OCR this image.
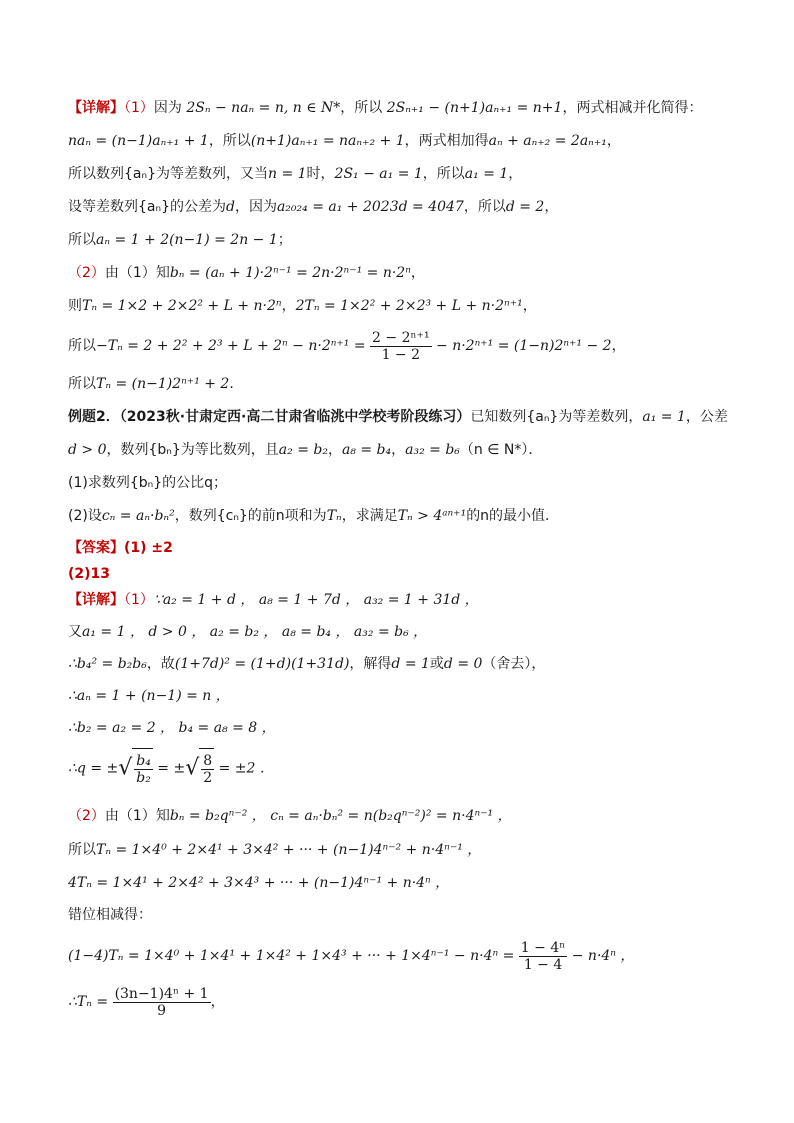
【详解】（1）因为 2Sₙ − naₙ = n, n ∈ N*，所以 2Sₙ₊₁ − (n+1)aₙ₊₁ = n+1，两式相减并化简得：
naₙ = (n−1)aₙ₊₁ + 1，所以(n+1)aₙ₊₁ = naₙ₊₂ + 1，两式相加得aₙ + aₙ₊₂ = 2aₙ₊₁，
所以数列{aₙ}为等差数列，又当n = 1时，2S₁ − a₁ = 1，所以a₁ = 1，
设等差数列{aₙ}的公差为d，因为a₂₀₂₄ = a₁ + 2023d = 4047，所以d = 2，
所以aₙ = 1 + 2(n−1) = 2n − 1；
（2）由（1）知bₙ = (aₙ + 1)·2ⁿ⁻¹ = 2n·2ⁿ⁻¹ = n·2ⁿ，
则Tₙ = 1×2 + 2×2² + L + n·2ⁿ，2Tₙ = 1×2² + 2×2³ + L + n·2ⁿ⁺¹，
所以$-T_n = 2 + 2^2 + 2^3 + L + 2^n - n\cdot 2^{n+1} = \frac{\text{2 − 2ⁿ⁺¹}}{1 - 2} - n\cdot 2^{n+1} = (1-n)2^{n+1} - 2$，
所以Tₙ = (n−1)2ⁿ⁺¹ + 2.
例题2．（2023秋·甘肃定西·高二甘肃省临洮中学校考阶段练习）已知数列{aₙ}为等差数列，a₁ = 1，公差
d > 0，数列{bₙ}为等比数列，且a₂ = b₂，a₈ = b₄，a₃₂ = b₆（n ∈ N*）．
(1)求数列{bₙ}的公比q；
(2)设cₙ = aₙ·bₙ²，数列{cₙ}的前n项和为Tₙ，求满足Tₙ > 4ᵃⁿ⁺¹的n的最小值．
【答案】(1) ±2
(2)13
【详解】（1）∵a₂ = 1 + d ， a₈ = 1 + 7d ， a₃₂ = 1 + 31d ，
又a₁ = 1 ， d > 0 ， a₂ = b₂ ， a₈ = b₄ ， a₃₂ = b₆ ，
∴b₄² = b₂b₆，故(1+7d)² = (1+d)(1+31d)，解得d = 1或d = 0（舍去），
∴aₙ = 1 + (n−1) = n ，
∴b₂ = a₂ = 2 ， b₄ = a₈ = 8 ，
∴q = ±√ $\frac{\text{b₄}}{\text{b₂}}$ = ±√ $\frac{8}{2} = \pm 2$ ．
（2）由（1）知bₙ = b₂qⁿ⁻² ， cₙ = aₙ·bₙ² = n(b₂qⁿ⁻²)² = n·4ⁿ⁻¹ ，
所以Tₙ = 1×4⁰ + 2×4¹ + 3×4² + ··· + (n−1)4ⁿ⁻² + n·4ⁿ⁻¹ ，
4Tₙ = 1×4¹ + 2×4² + 3×4³ + ··· + (n−1)4ⁿ⁻¹ + n·4ⁿ ，
错位相减得：
(1−4)Tₙ = 1×4⁰ + 1×4¹ + 1×4² + 1×4³ + ··· + $1\times 4^{n-1} - n\cdot 4^n = \frac{\text{1 − 4ⁿ}}{1 - 4} - n\cdot 4^n$ ，
∴Tₙ = $\frac{\text{(3n−1)4ⁿ + 1}}{9}$ ，
